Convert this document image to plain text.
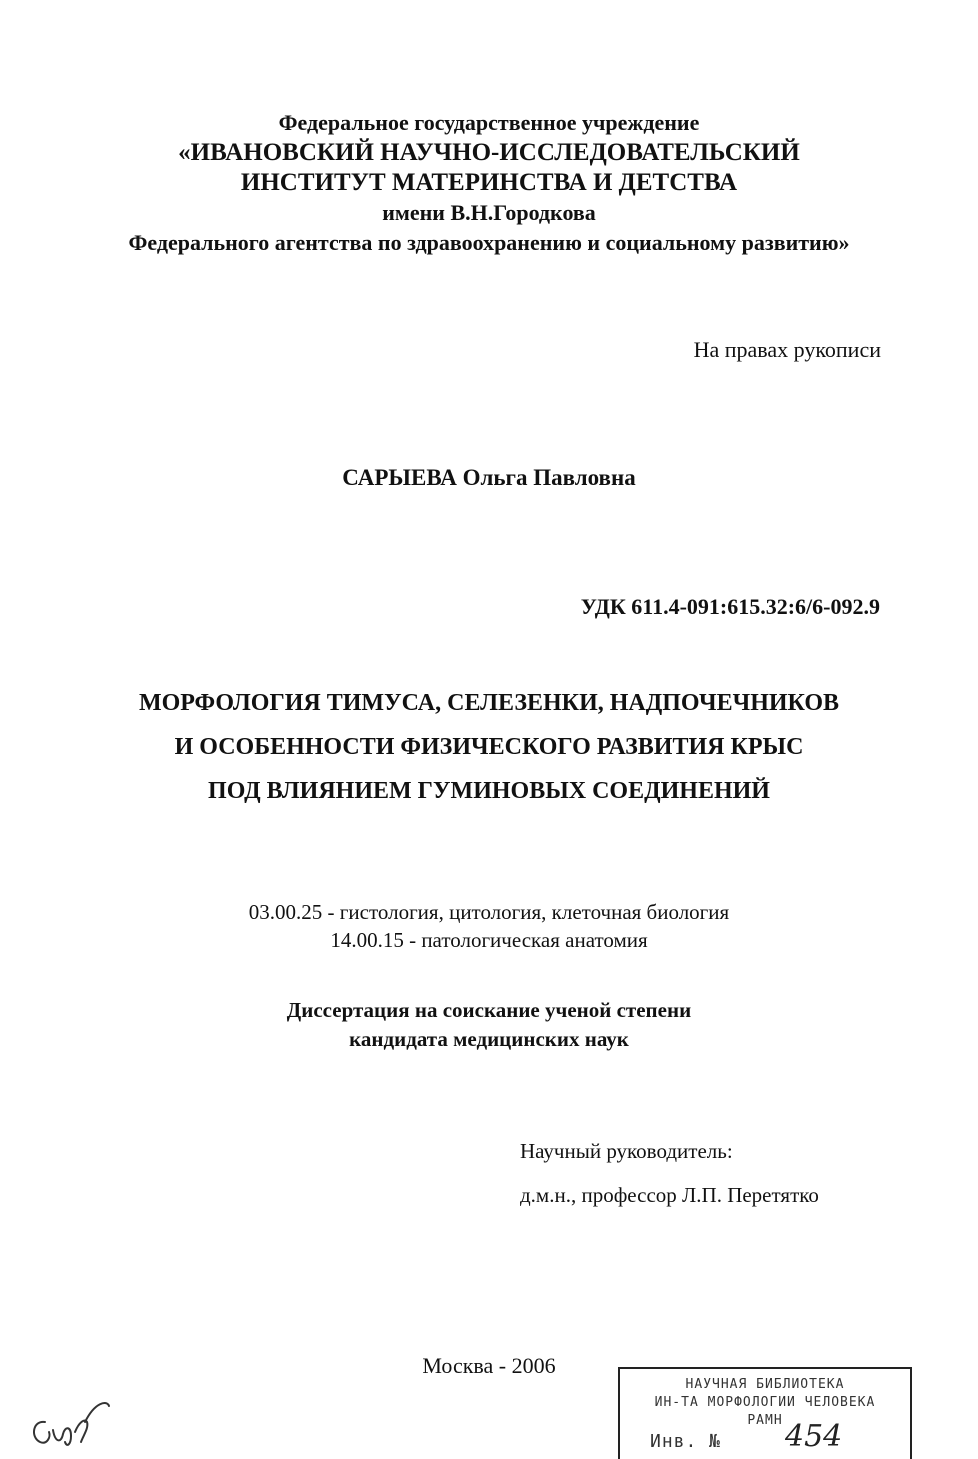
Федеральное государственное учреждение
«ИВАНОВСКИЙ НАУЧНО-ИССЛЕДОВАТЕЛЬСКИЙ
ИНСТИТУТ МАТЕРИНСТВА И ДЕТСТВА
имени В.Н.Городкова
Федерального агентства по здравоохранению и социальному развитию»
На правах рукописи
САРЫЕВА Ольга Павловна
УДК 611.4-091:615.32:6/6-092.9
МОРФОЛОГИЯ ТИМУСА, СЕЛЕЗЕНКИ, НАДПОЧЕЧНИКОВ
И ОСОБЕННОСТИ ФИЗИЧЕСКОГО РАЗВИТИЯ КРЫС
ПОД ВЛИЯНИЕМ ГУМИНОВЫХ СОЕДИНЕНИЙ
03.00.25 - гистология, цитология, клеточная биология
14.00.15 - патологическая анатомия
Диссертация на соискание ученой степени
кандидата медицинских наук
Научный руководитель:
д.м.н., профессор Л.П. Перетятко
Москва - 2006
НАУЧНАЯ БИБЛИОТЕКА
ИН-ТА МОРФОЛОГИИ ЧЕЛОВЕКА
РАМН
Инв. №	454
